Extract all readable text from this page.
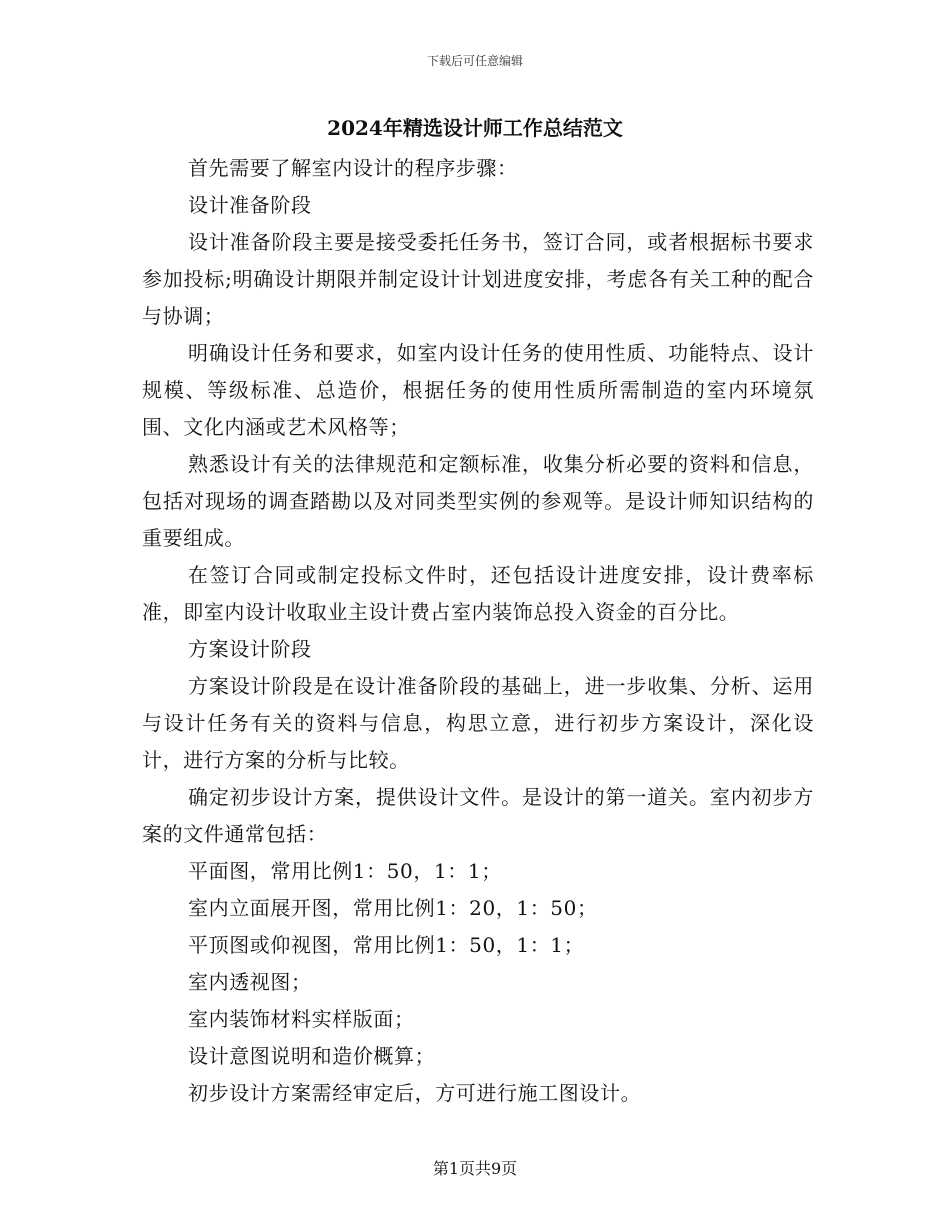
下载后可任意编辑
2024年精选设计师工作总结范文

首先需要了解室内设计的程序步骤：

设计准备阶段

设计准备阶段主要是接受委托任务书，签订合同，或者根据标书要求参加投标;明确设计期限并制定设计计划进度安排，考虑各有关工种的配合与协调；

明确设计任务和要求，如室内设计任务的使用性质、功能特点、设计规模、等级标准、总造价，根据任务的使用性质所需制造的室内环境氛围、文化内涵或艺术风格等；

熟悉设计有关的法律规范和定额标准，收集分析必要的资料和信息，包括对现场的调查踏勘以及对同类型实例的参观等。是设计师知识结构的重要组成。

在签订合同或制定投标文件时，还包括设计进度安排，设计费率标准，即室内设计收取业主设计费占室内装饰总投入资金的百分比。

方案设计阶段

方案设计阶段是在设计准备阶段的基础上，进一步收集、分析、运用与设计任务有关的资料与信息，构思立意，进行初步方案设计，深化设计，进行方案的分析与比较。

确定初步设计方案，提供设计文件。是设计的第一道关。室内初步方案的文件通常包括：

平面图，常用比例1：50，1：1；

室内立面展开图，常用比例1：20，1：50；

平顶图或仰视图，常用比例1：50，1：1；

室内透视图；

室内装饰材料实样版面；

设计意图说明和造价概算；

初步设计方案需经审定后，方可进行施工图设计。

第1页共9页
